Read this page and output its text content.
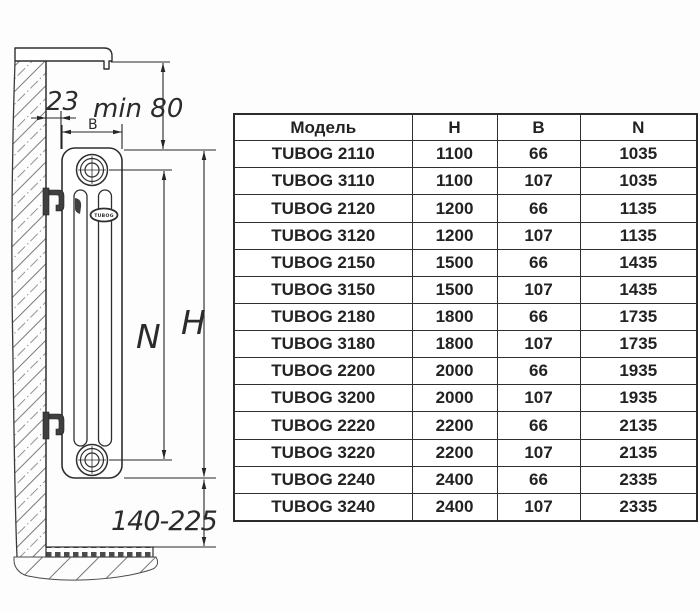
TUBOG
23 min 80
B
N H
140-225
Модель	H	B	N
TUBOG 2110	1100	66	1035
TUBOG 3110	1100	107	1035
TUBOG 2120	1200	66	1135
TUBOG 3120	1200	107	1135
TUBOG 2150	1500	66	1435
TUBOG 3150	1500	107	1435
TUBOG 2180	1800	66	1735
TUBOG 3180	1800	107	1735
TUBOG 2200	2000	66	1935
TUBOG 3200	2000	107	1935
TUBOG 2220	2200	66	2135
TUBOG 3220	2200	107	2135
TUBOG 2240	2400	66	2335
TUBOG 3240	2400	107	2335
